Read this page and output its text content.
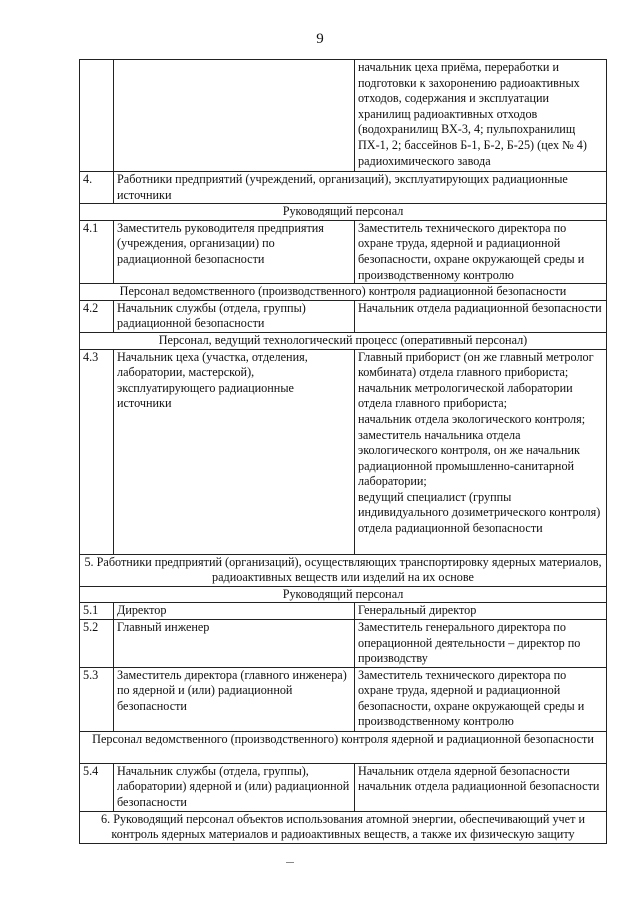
9
		начальник цеха приёма, переработки и подготовки к захоронению радиоактивных отходов, содержания и эксплуатации хранилищ радиоактивных отходов (водохранилищ ВХ-3, 4; пульпохранилищ ПХ-1, 2; бассейнов Б-1, Б-2, Б-25) (цех № 4) радиохимического завода
4.	Работники предприятий (учреждений, организаций), эксплуатирующих радиационные источники	
Руководящий персонал		
4.1	Заместитель руководителя предприятия (учреждения, организации) по радиационной безопасности	Заместитель технического директора по охране труда, ядерной и радиационной безопасности, охране окружающей среды и производственному контролю
Персонал ведомственного (производственного) контроля радиационной безопасности		
4.2	Начальник службы (отдела, группы) радиационной безопасности	Начальник отдела радиационной безопасности
Персонал, ведущий технологический процесс (оперативный персонал)		
4.3	Начальник цеха (участка, отделения, лаборатории, мастерской), эксплуатирующего радиационные источники	Главный приборист (он же главный метролог комбината) отдела главного прибориста;
начальник метрологической лаборатории отдела главного прибориста;
начальник отдела экологического контроля;
заместитель начальника отдела экологического контроля, он же начальник радиационной промышленно-санитарной лаборатории;
ведущий специалист (группы индивидуального дозиметрического контроля) отдела радиационной безопасности
5. Работники предприятий (организаций), осуществляющих транспортировку ядерных материалов, радиоактивных веществ или изделий на их основе		
Руководящий персонал		
5.1	Директор	Генеральный директор
5.2	Главный инженер	Заместитель генерального директора по операционной деятельности – директор по производству
5.3	Заместитель директора (главного инженера) по ядерной и (или) радиационной безопасности	Заместитель технического директора по охране труда, ядерной и радиационной безопасности, охране окружающей среды и производственному контролю
Персонал ведомственного (производственного) контроля ядерной и радиационной безопасности		
5.4	Начальник службы (отдела, группы), лаборатории) ядерной и (или) радиационной безопасности	Начальник отдела ядерной безопасности
начальник отдела радиационной безопасности
6. Руководящий персонал объектов использования атомной энергии, обеспечивающий учет и контроль ядерных материалов и радиоактивных веществ, а также их физическую защиту		
